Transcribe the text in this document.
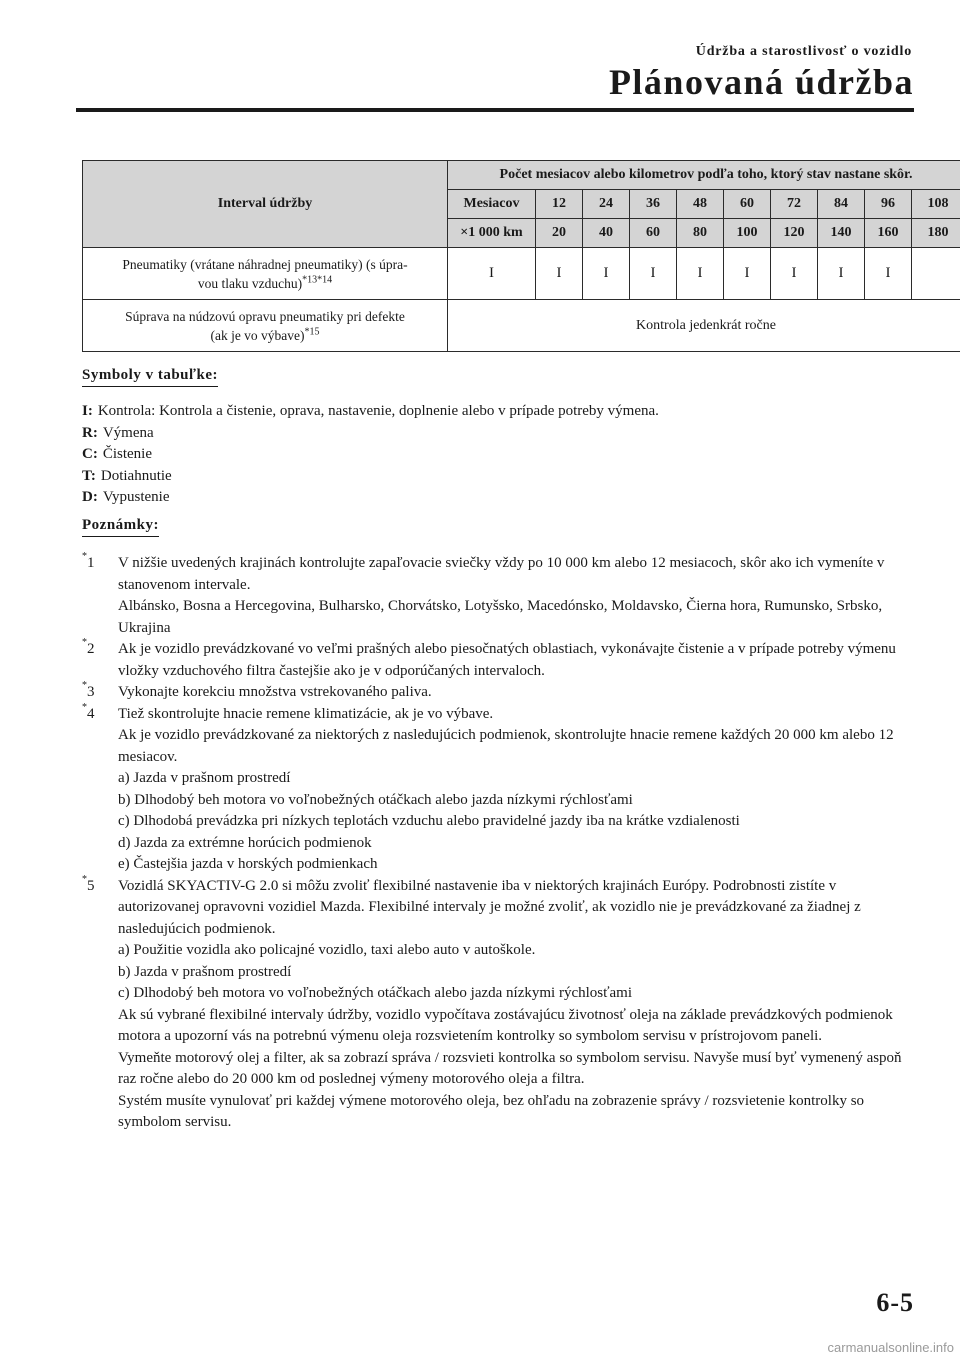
Údržba a starostlivosť o vozidlo
Plánovaná údržba
Interval údržby	Počet mesiacov alebo kilometrov podľa toho, ktorý stav nastane skôr.									
	Mesiacov	12	24	36	48	60	72	84	96	108
	×1 000 km	20	40	60	80	100	120	140	160	180
Pneumatiky (vrátane náhradnej pneumatiky) (s úpra-
vou tlaku vzduchu)$^{*13*14}$	I	I	I	I	I	I	I	I	I	
Súprava na núdzovú opravu pneumatiky pri defekte
(ak je vo výbave)$^{*15}$	Kontrola jedenkrát ročne									
Symboly v tabuľke:
I: Kontrola: Kontrola a čistenie, oprava, nastavenie, doplnenie alebo v prípade potreby výmena.
R: Výmena
C: Čistenie
T: Dotiahnutie
D: Vypustenie
Poznámky:
*1 V nižšie uvedených krajinách kontrolujte zapaľovacie sviečky vždy po 10 000 km alebo 12 mesiacoch, skôr ako ich vymeníte v stanovenom intervale.

Albánsko, Bosna a Hercegovina, Bulharsko, Chorvátsko, Lotyšsko, Macedónsko, Moldavsko, Čierna hora, Rumunsko, Srbsko, Ukrajina

*2 Ak je vozidlo prevádzkované vo veľmi prašných alebo piesočnatých oblastiach, vykonávajte čistenie a v prípade potreby výmenu vložky vzduchového filtra častejšie ako je v odporúčaných intervaloch.

*3 Vykonajte korekciu množstva vstrekovaného paliva.

*4 Tiež skontrolujte hnacie remene klimatizácie, ak je vo výbave.

Ak je vozidlo prevádzkované za niektorých z nasledujúcich podmienok, skontrolujte hnacie remene každých 20 000 km alebo 12 mesiacov.

a) Jazda v prašnom prostredí

b) Dlhodobý beh motora vo voľnobežných otáčkach alebo jazda nízkymi rýchlosťami

c) Dlhodobá prevádzka pri nízkych teplotách vzduchu alebo pravidelné jazdy iba na krátke vzdialenosti

d) Jazda za extrémne horúcich podmienok

e) Častejšia jazda v horských podmienkach

*5 Vozidlá SKYACTIV-G 2.0 si môžu zvoliť flexibilné nastavenie iba v niektorých krajinách Európy. Podrobnosti zistíte v autorizovanej opravovni vozidiel Mazda. Flexibilné intervaly je možné zvoliť, ak vozidlo nie je prevádzkované za žiadnej z nasledujúcich podmienok.

a) Použitie vozidla ako policajné vozidlo, taxi alebo auto v autoškole.

b) Jazda v prašnom prostredí

c) Dlhodobý beh motora vo voľnobežných otáčkach alebo jazda nízkymi rýchlosťami

Ak sú vybrané flexibilné intervaly údržby, vozidlo vypočítava zostávajúcu životnosť oleja na základe prevádzkových podmienok motora a upozorní vás na potrebnú výmenu oleja rozsvietením kontrolky so symbolom servisu v prístrojovom paneli.

Vymeňte motorový olej a filter, ak sa zobrazí správa / rozsvieti kontrolka so symbolom servisu. Navyše musí byť vymenený aspoň raz ročne alebo do 20 000 km od poslednej výmeny motorového oleja a filtra.

Systém musíte vynulovať pri každej výmene motorového oleja, bez ohľadu na zobrazenie správy / rozsvietenie kontrolky so symbolom servisu.

6-5
carmanualsonline.info
